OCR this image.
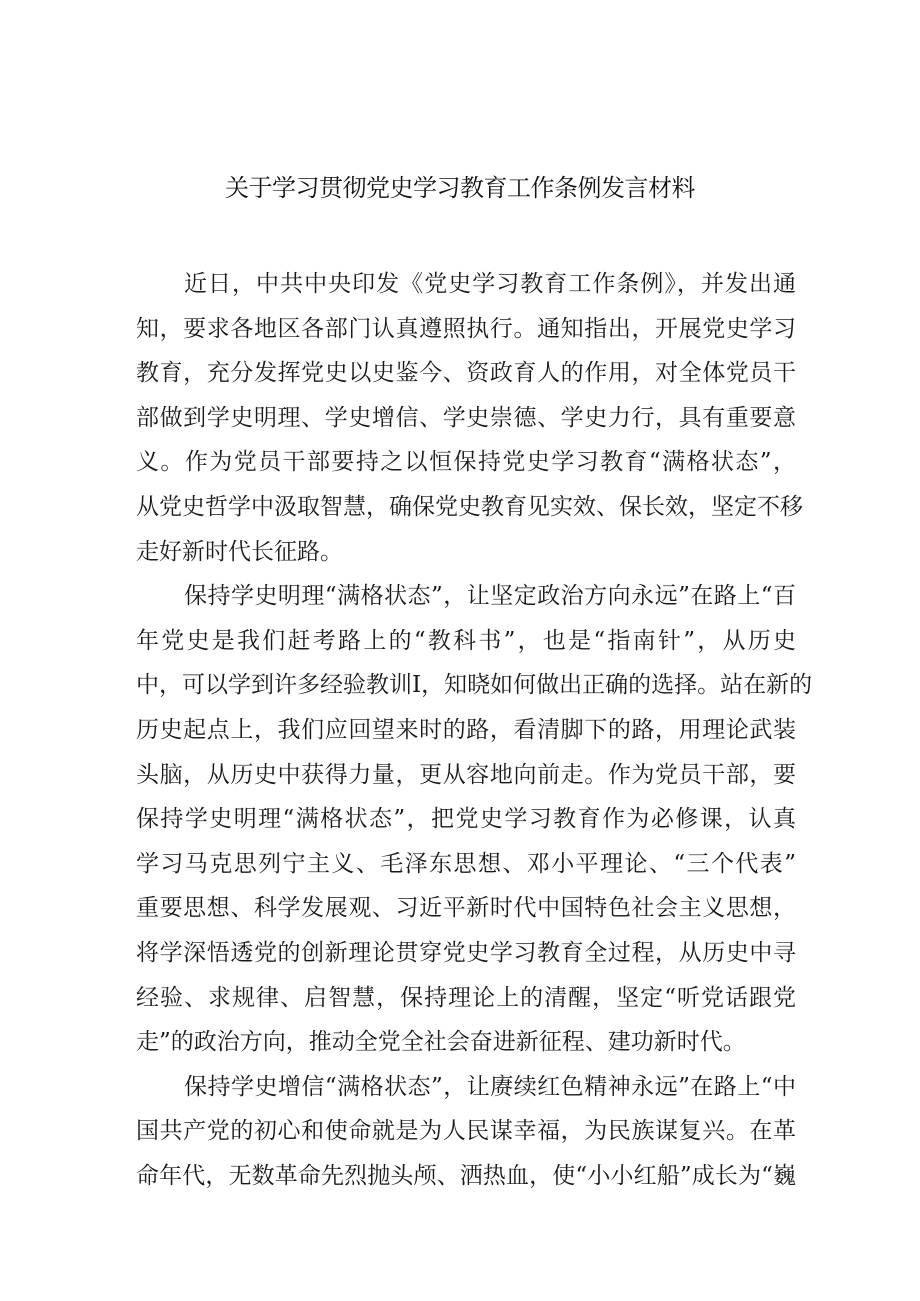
关于学习贯彻党史学习教育工作条例发言材料
近日，中共中央印发《党史学习教育工作条例》，并发出通
知，要求各地区各部门认真遵照执行。通知指出，开展党史学习
教育，充分发挥党史以史鉴今、资政育人的作用，对全体党员干
部做到学史明理、学史增信、学史崇德、学史力行，具有重要意
义。作为党员干部要持之以恒保持党史学习教育“满格状态”，
从党史哲学中汲取智慧，确保党史教育见实效、保长效，坚定不移
走好新时代长征路。
保持学史明理“满格状态”，让坚定政治方向永远”在路上“百
年党史是我们赶考路上的“教科书”，也是“指南针”，从历史
中，可以学到许多经验教训I，知晓如何做出正确的选择。站在新的
历史起点上，我们应回望来时的路，看清脚下的路，用理论武装
头脑，从历史中获得力量，更从容地向前走。作为党员干部，要
保持学史明理“满格状态”，把党史学习教育作为必修课，认真
学习马克思列宁主义、毛泽东思想、邓小平理论、“三个代表”
重要思想、科学发展观、习近平新时代中国特色社会主义思想，
将学深悟透党的创新理论贯穿党史学习教育全过程，从历史中寻
经验、求规律、启智慧，保持理论上的清醒，坚定“听党话跟党
走”的政治方向，推动全党全社会奋进新征程、建功新时代。
保持学史增信“满格状态”，让赓续红色精神永远”在路上“中
国共产党的初心和使命就是为人民谋幸福，为民族谋复兴。在革
命年代，无数革命先烈抛头颅、洒热血，使“小小红船”成长为“巍
